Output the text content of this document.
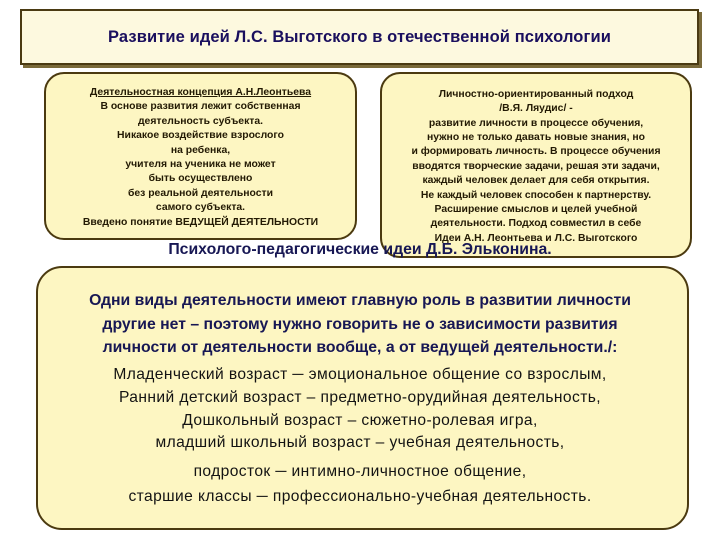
Развитие идей Л.С. Выготского в отечественной психологии
Деятельностная концепция А.Н.Леонтьева
В основе развития лежит собственная
деятельность субъекта.
Никакое воздействие взрослого
на ребенка,
учителя на ученика не может
быть осуществлено
без реальной деятельности
самого субъекта.
Введено понятие ВЕДУЩЕЙ ДЕЯТЕЛЬНОСТИ
Личностно-ориентированный подход
/В.Я. Ляудис/ -
развитие личности в процессе обучения,
нужно не только давать новые знания, но
и формировать личность. В процессе обучения
вводятся творческие задачи, решая эти задачи,
каждый человек делает для себя открытия.
Не каждый человек способен к партнерству.
Расширение смыслов и целей учебной
деятельности. Подход совместил в себе
Идеи А.Н. Леонтьева и Л.С. Выготского
Психолого-педагогические идеи Д.Б. Эльконина.
Одни виды деятельности имеют главную роль в развитии личности
другие нет – поэтому нужно говорить не о зависимости развития
личности от деятельности вообще, а от ведущей деятельности./:
Младенческий возраст ─ эмоциональное общение со взрослым,
Ранний детский возраст – предметно-орудийная деятельность,
Дошкольный возраст – сюжетно-ролевая игра,
младший школьный возраст – учебная деятельность,
подросток ─ интимно-личностное общение,
старшие классы ─ профессионально-учебная деятельность.
